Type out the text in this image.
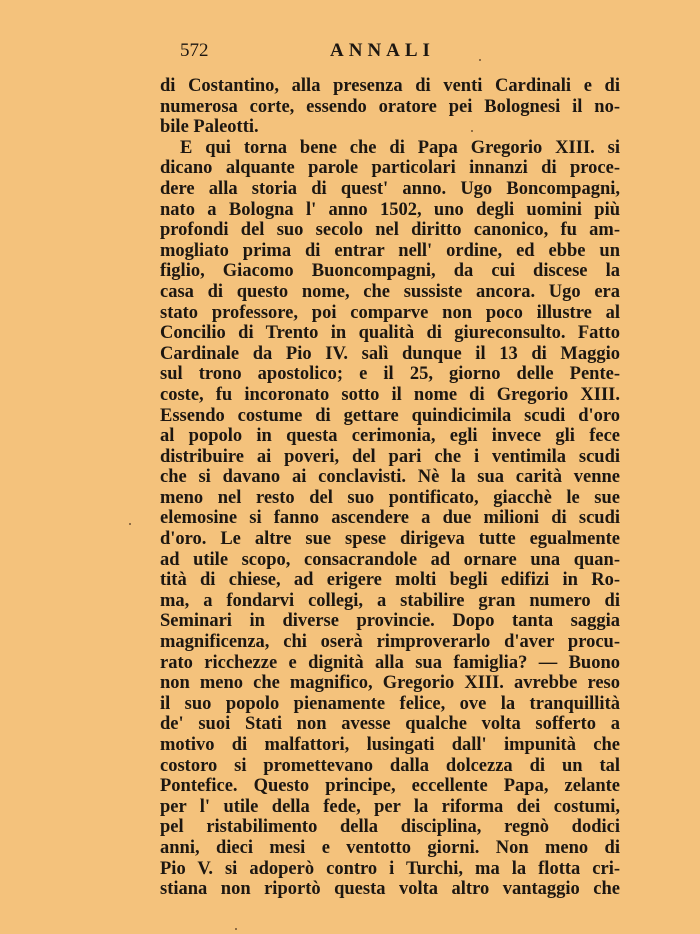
572	ANNALI
di Costantino, alla presenza di venti Cardinali e di
numerosa corte, essendo oratore pei Bolognesi il no-
bile Paleotti.
E qui torna bene che di Papa Gregorio XIII. si
dicano alquante parole particolari innanzi di proce-
dere alla storia di quest' anno. Ugo Boncompagni,
nato a Bologna l' anno 1502, uno degli uomini più
profondi del suo secolo nel diritto canonico, fu am-
mogliato prima di entrar nell' ordine, ed ebbe un
figlio, Giacomo Buoncompagni, da cui discese la
casa di questo nome, che sussiste ancora. Ugo era
stato professore, poi comparve non poco illustre al
Concilio di Trento in qualità di giureconsulto. Fatto
Cardinale da Pio IV. salì dunque il 13 di Maggio
sul trono apostolico; e il 25, giorno delle Pente-
coste, fu incoronato sotto il nome di Gregorio XIII.
Essendo costume di gettare quindicimila scudi d'oro
al popolo in questa cerimonia, egli invece gli fece
distribuire ai poveri, del pari che i ventimila scudi
che si davano ai conclavisti. Nè la sua carità venne
meno nel resto del suo pontificato, giacchè le sue
elemosine si fanno ascendere a due milioni di scudi
d'oro. Le altre sue spese dirigeva tutte egualmente
ad utile scopo, consacrandole ad ornare una quan-
tità di chiese, ad erigere molti begli edifizi in Ro-
ma, a fondarvi collegi, a stabilire gran numero di
Seminari in diverse provincie. Dopo tanta saggia
magnificenza, chi oserà rimproverarlo d'aver procu-
rato ricchezze e dignità alla sua famiglia? — Buono
non meno che magnifico, Gregorio XIII. avrebbe reso
il suo popolo pienamente felice, ove la tranquillità
de' suoi Stati non avesse qualche volta sofferto a
motivo di malfattori, lusingati dall' impunità che
costoro si promettevano dalla dolcezza di un tal
Pontefice. Questo principe, eccellente Papa, zelante
per l' utile della fede, per la riforma dei costumi,
pel ristabilimento della disciplina, regnò dodici
anni, dieci mesi e ventotto giorni. Non meno di
Pio V. si adoperò contro i Turchi, ma la flotta cri-
stiana non riportò questa volta altro vantaggio che
